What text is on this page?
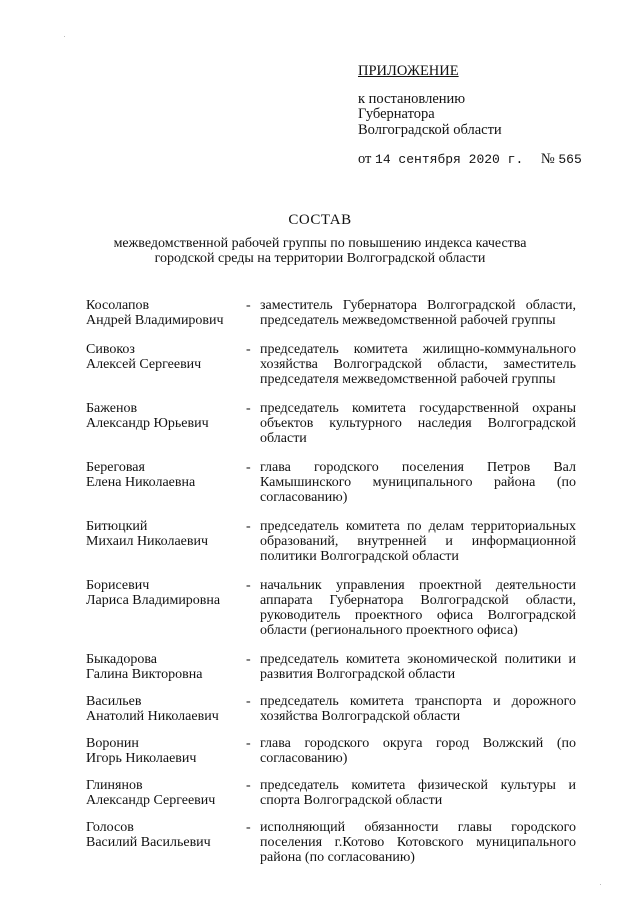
ПРИЛОЖЕНИЕ
к постановлению
Губернатора
Волгоградской области
от 14 сентября 2020 г. № 565
СОСТАВ
межведомственной рабочей группы по повышению индекса качества городской среды на территории Волгоградской области
Косолапов
Андрей Владимирович
- заместитель Губернатора Волгоградской области, председатель межведомственной рабочей группы
Сивокоз
Алексей Сергеевич
- председатель комитета жилищно-коммунального хозяйства Волгоградской области, заместитель председателя межведомственной рабочей группы
Баженов
Александр Юрьевич
- председатель комитета государственной охраны объектов культурного наследия Волгоградской области
Береговая
Елена Николаевна
- глава городского поселения Петров Вал Камышинского муниципального района (по согласованию)
Битюцкий
Михаил Николаевич
- председатель комитета по делам территориальных образований, внутренней и информационной политики Волгоградской области
Борисевич
Лариса Владимировна
- начальник управления проектной деятельности аппарата Губернатора Волгоградской области, руководитель проектного офиса Волгоградской области (регионального проектного офиса)
Быкадорова
Галина Викторовна
- председатель комитета экономической политики и развития Волгоградской области
Васильев
Анатолий Николаевич
- председатель комитета транспорта и дорожного хозяйства Волгоградской области
Воронин
Игорь Николаевич
- глава городского округа город Волжский (по согласованию)
Глинянов
Александр Сергеевич
- председатель комитета физической культуры и спорта Волгоградской области
Голосов
Василий Васильевич
- исполняющий обязанности главы городского поселения г.Котово Котовского муниципального района (по согласованию)
